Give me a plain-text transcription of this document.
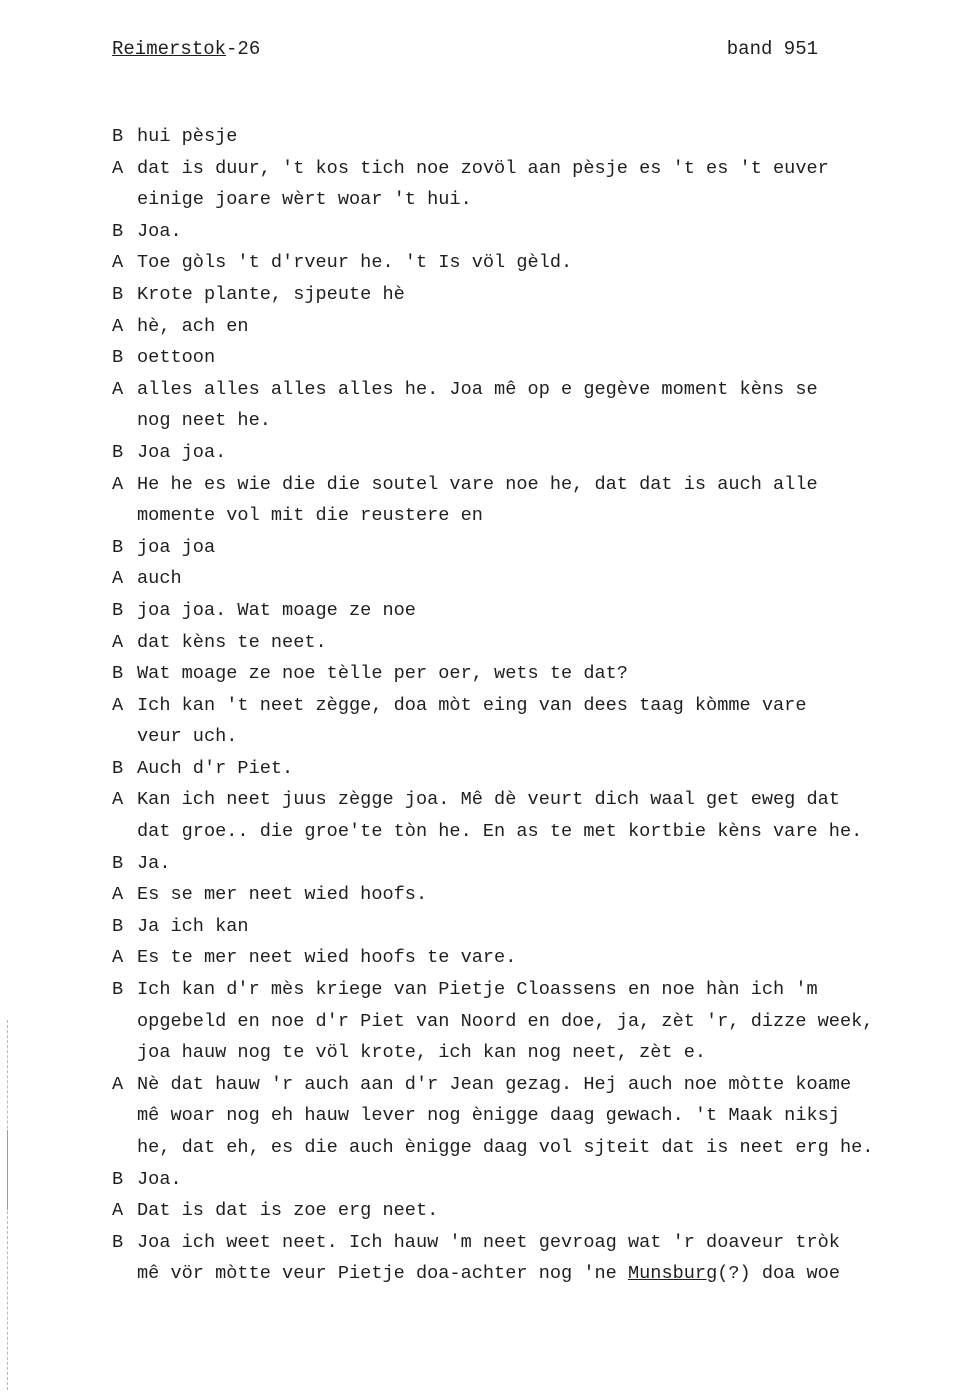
Reimerstok-26	band 951
B hui pèsje
A dat is duur, 't kos tich noe zovöl aan pèsje es 't es 't euver
einige joare wèrt woar 't hui.
B Joa.
A Toe gòls 't d'rveur he. 't Is völ gèld.
B Krote plante, sjpeute hè
A hè, ach en
B oettoon
A alles alles alles alles he. Joa mê op e gegève moment kèns se
nog neet he.
B Joa joa.
A He he es wie die die soutel vare noe he, dat dat is auch alle
momente vol mit die reustere en
B joa joa
A auch
B joa joa. Wat moage ze noe
A dat kèns te neet.
B Wat moage ze noe tèlle per oer, wets te dat?
A Ich kan 't neet zègge, doa mòt eing van dees taag kòmme vare
veur uch.
B Auch d'r Piet.
A Kan ich neet juus zègge joa. Mê dè veurt dich waal get eweg dat
dat groe.. die groe'te tòn he. En as te met kortbie kèns vare he.
B Ja.
A Es se mer neet wied hoofs.
B Ja ich kan
A Es te mer neet wied hoofs te vare.
B Ich kan d'r mès kriege van Pietje Cloassens en noe hàn ich 'm
opgebeld en noe d'r Piet van Noord en doe, ja, zèt 'r, dizze week,
joa hauw nog te völ krote, ich kan nog neet, zèt e.
A Nè dat hauw 'r auch aan d'r Jean gezag. Hej auch noe mòtte koame
mê woar nog eh hauw lever nog ènigge daag gewach. 't Maak niksj
he, dat eh, es die auch ènigge daag vol sjteit dat is neet erg he.
B Joa.
A Dat is dat is zoe erg neet.
B Joa ich weet neet. Ich hauw 'm neet gevroag wat 'r doaveur tròk
mê vör mòtte veur Pietje doa-achter nog 'ne Munsburg(?) doa woe
